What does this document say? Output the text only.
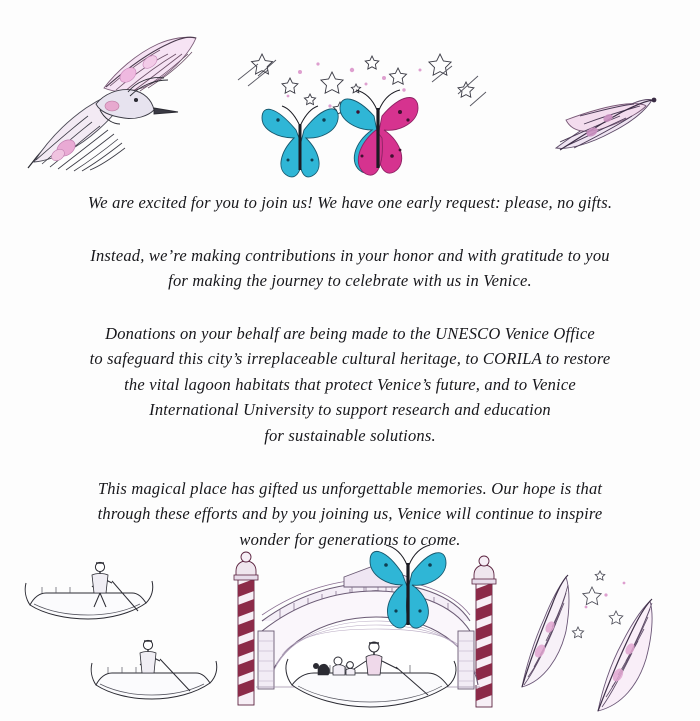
We are excited for you to join us! We have one early request: please, no gifts.

Instead, we’re making contributions in your honor and with gratitude to you
for making the journey to celebrate with us in Venice.

Donations on your behalf are being made to the UNESCO Venice Office
to safeguard this city’s irreplaceable cultural heritage, to CORILA to restore
the vital lagoon habitats that protect Venice’s future, and to Venice
International University to support research and education
for sustainable solutions.

This magical place has gifted us unforgettable memories. Our hope is that
through these efforts and by you joining us, Venice will continue to inspire
wonder for generations to come.
